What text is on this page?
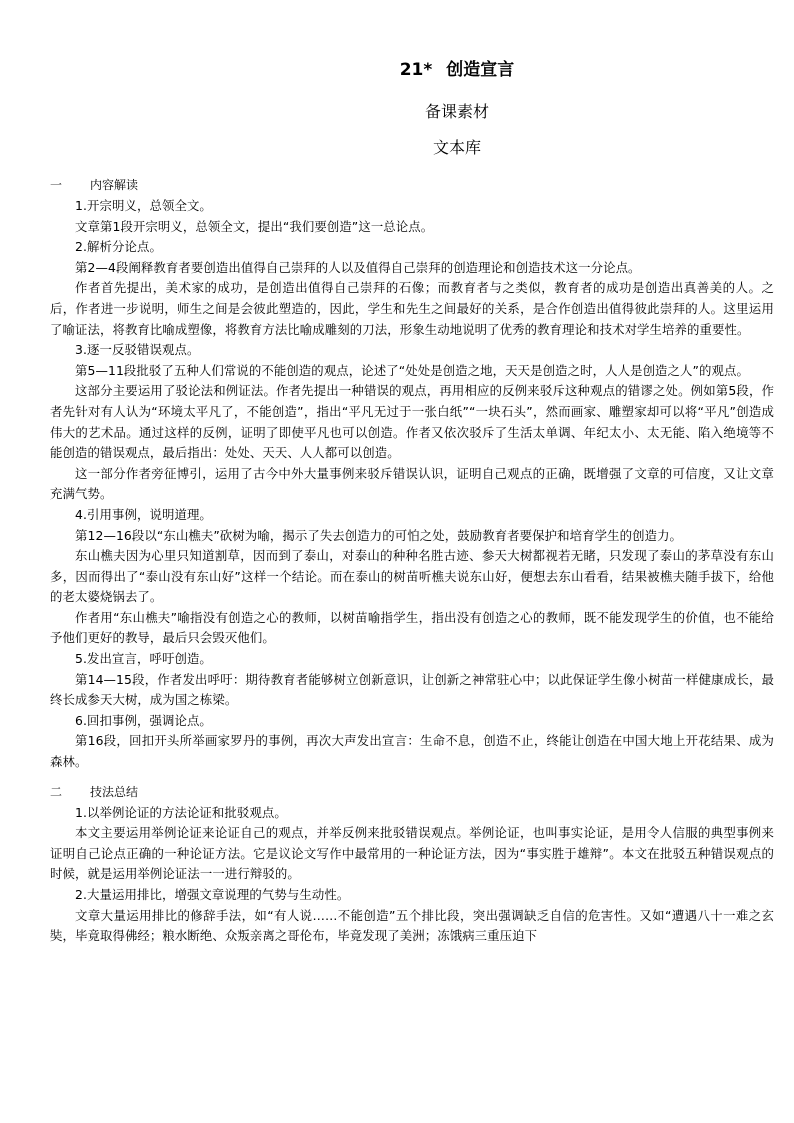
21* 创造宣言
备课素材
文本库
一 内容解读

1.开宗明义，总领全文。

文章第1段开宗明义，总领全文，提出“我们要创造”这一总论点。

2.解析分论点。

第2—4段阐释教育者要创造出值得自己崇拜的人以及值得自己崇拜的创造理论和创造技术这一分论点。

作者首先提出，美术家的成功，是创造出值得自己崇拜的石像；而教育者与之类似，教育者的成功是创造出真善美的人。之后，作者进一步说明，师生之间是会彼此塑造的，因此，学生和先生之间最好的关系，是合作创造出值得彼此崇拜的人。这里运用了喻证法，将教育比喻成塑像，将教育方法比喻成雕刻的刀法，形象生动地说明了优秀的教育理论和技术对学生培养的重要性。

3.逐一反驳错误观点。

第5—11段批驳了五种人们常说的不能创造的观点，论述了“处处是创造之地，天天是创造之时，人人是创造之人”的观点。

这部分主要运用了驳论法和例证法。作者先提出一种错误的观点，再用相应的反例来驳斥这种观点的错谬之处。例如第5段，作者先针对有人认为“环境太平凡了，不能创造”，指出“平凡无过于一张白纸”“一块石头”，然而画家、雕塑家却可以将“平凡”创造成伟大的艺术品。通过这样的反例，证明了即使平凡也可以创造。作者又依次驳斥了生活太单调、年纪太小、太无能、陷入绝境等不能创造的错误观点，最后指出：处处、天天、人人都可以创造。

这一部分作者旁征博引，运用了古今中外大量事例来驳斥错误认识，证明自己观点的正确，既增强了文章的可信度，又让文章充满气势。

4.引用事例，说明道理。

第12—16段以“东山樵夫”砍树为喻，揭示了失去创造力的可怕之处，鼓励教育者要保护和培育学生的创造力。

东山樵夫因为心里只知道割草，因而到了泰山，对泰山的种种名胜古迹、参天大树都视若无睹，只发现了泰山的茅草没有东山多，因而得出了“泰山没有东山好”这样一个结论。而在泰山的树苗听樵夫说东山好，便想去东山看看，结果被樵夫随手拔下，给他的老太婆烧锅去了。

作者用“东山樵夫”喻指没有创造之心的教师，以树苗喻指学生，指出没有创造之心的教师，既不能发现学生的价值，也不能给予他们更好的教导，最后只会毁灭他们。

5.发出宣言，呼吁创造。

第14—15段，作者发出呼吁：期待教育者能够树立创新意识，让创新之神常驻心中；以此保证学生像小树苗一样健康成长，最终长成参天大树，成为国之栋梁。

6.回扣事例，强调论点。

第16段，回扣开头所举画家罗丹的事例，再次大声发出宣言：生命不息，创造不止，终能让创造在中国大地上开花结果、成为森林。

二 技法总结

1.以举例论证的方法论证和批驳观点。

本文主要运用举例论证来论证自己的观点，并举反例来批驳错误观点。举例论证，也叫事实论证，是用令人信服的典型事例来证明自己论点正确的一种论证方法。它是议论文写作中最常用的一种论证方法，因为“事实胜于雄辩”。本文在批驳五种错误观点的时候，就是运用举例论证法一一进行辩驳的。

2.大量运用排比，增强文章说理的气势与生动性。

文章大量运用排比的修辞手法，如“有人说……不能创造”五个排比段，突出强调缺乏自信的危害性。又如“遭遇八十一难之玄奘，毕竟取得佛经；粮水断绝、众叛亲离之哥伦布，毕竟发现了美洲；冻饿病三重压迫下
